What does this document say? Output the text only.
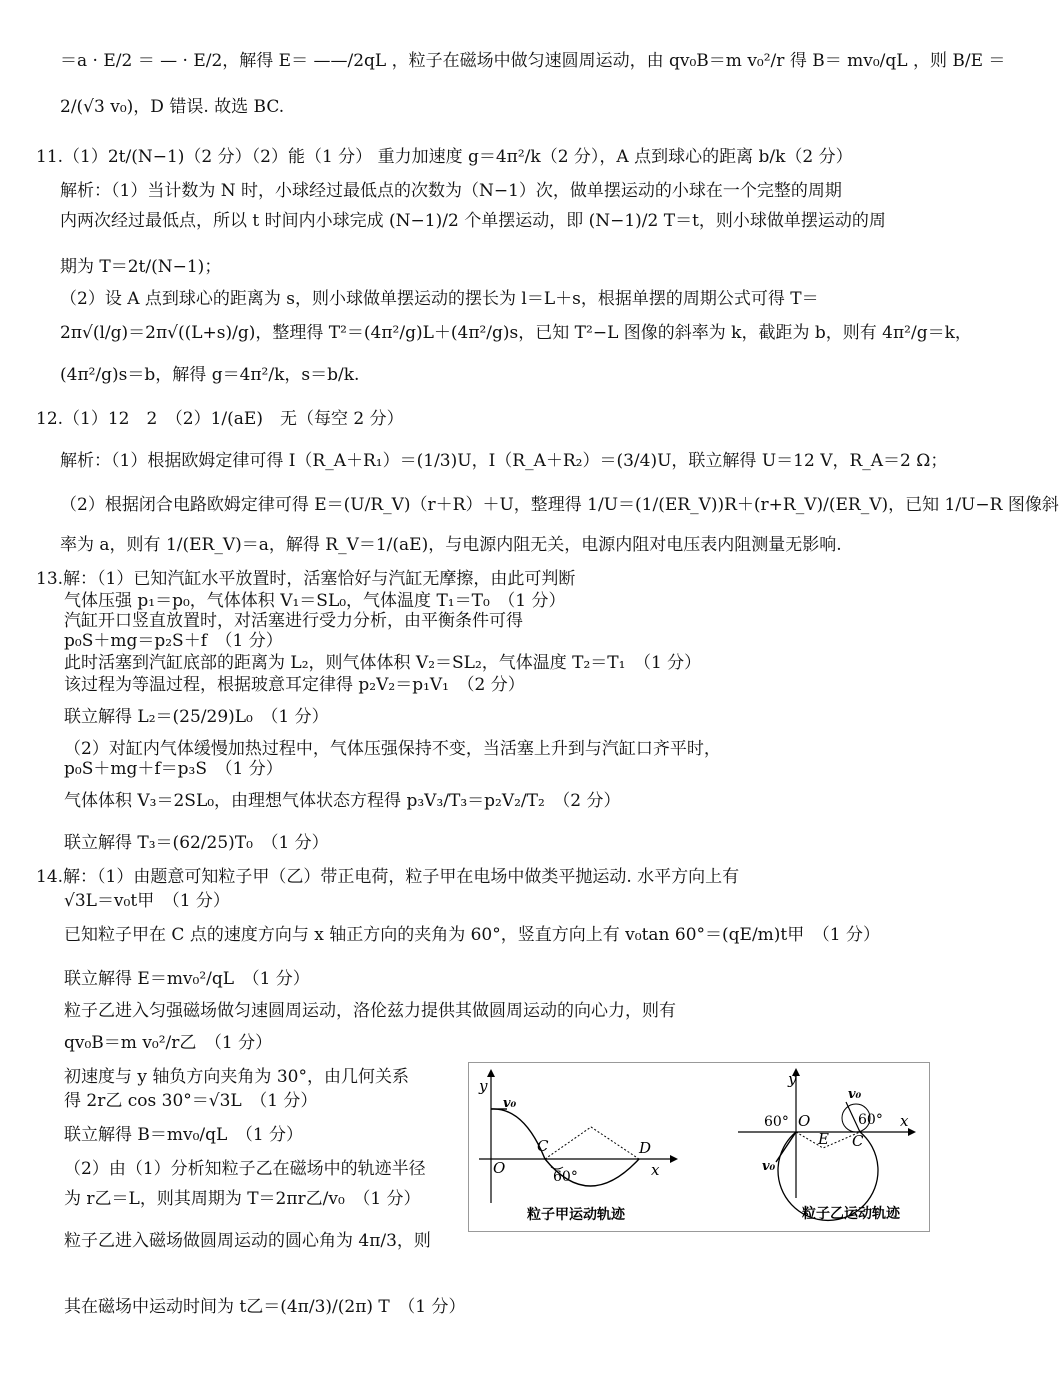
＝a · E/2 ＝ — · E/2，解得 E＝ ——/2qL ，粒子在磁场中做匀速圆周运动，由 qv₀B＝m v₀²/r 得 B＝ mv₀/qL ，则 B/E ＝
2/(√3 v₀)，D 错误. 故选 BC.
11.（1）2t/(N−1)（2 分）（2）能（1 分） 重力加速度 g＝4π²/k（2 分），A 点到球心的距离 b/k（2 分）
解析：（1）当计数为 N 时，小球经过最低点的次数为（N−1）次，做单摆运动的小球在一个完整的周期
内两次经过最低点，所以 t 时间内小球完成 (N−1)/2 个单摆运动，即 (N−1)/2 T＝t，则小球做单摆运动的周
期为 T＝2t/(N−1)；
（2）设 A 点到球心的距离为 s，则小球做单摆运动的摆长为 l＝L＋s，根据单摆的周期公式可得 T＝
2π√(l/g)＝2π√((L+s)/g)，整理得 T²＝(4π²/g)L＋(4π²/g)s，已知 T²−L 图像的斜率为 k，截距为 b，则有 4π²/g＝k，
(4π²/g)s＝b，解得 g＝4π²/k，s＝b/k.
12.（1）12　2　（2）1/(aE)　无（每空 2 分）
解析：（1）根据欧姆定律可得 I（R_A＋R₁）＝(1/3)U，I（R_A＋R₂）＝(3/4)U，联立解得 U＝12 V，R_A＝2 Ω；
（2）根据闭合电路欧姆定律可得 E＝(U/R_V)（r＋R）＋U，整理得 1/U＝(1/(ER_V))R＋(r+R_V)/(ER_V)，已知 1/U−R 图像斜
率为 a，则有 1/(ER_V)＝a，解得 R_V＝1/(aE)，与电源内阻无关，电源内阻对电压表内阻测量无影响.
13.解：（1）已知汽缸水平放置时，活塞恰好与汽缸无摩擦，由此可判断
气体压强 p₁＝p₀，气体体积 V₁＝SL₀，气体温度 T₁＝T₀　（1 分）
汽缸开口竖直放置时，对活塞进行受力分析，由平衡条件可得
p₀S＋mg＝p₂S＋f　（1 分）
此时活塞到汽缸底部的距离为 L₂，则气体体积 V₂＝SL₂，气体温度 T₂＝T₁　（1 分）
该过程为等温过程，根据玻意耳定律得 p₂V₂＝p₁V₁　（2 分）
联立解得 L₂＝(25/29)L₀　（1 分）
（2）对缸内气体缓慢加热过程中，气体压强保持不变，当活塞上升到与汽缸口齐平时，
p₀S＋mg＋f＝p₃S　（1 分）
气体体积 V₃＝2SL₀，由理想气体状态方程得 p₃V₃/T₃＝p₂V₂/T₂　（2 分）
联立解得 T₃＝(62/25)T₀　（1 分）
14.解：（1）由题意可知粒子甲（乙）带正电荷，粒子甲在电场中做类平抛运动. 水平方向上有
√3L＝v₀t甲　（1 分）
已知粒子甲在 C 点的速度方向与 x 轴正方向的夹角为 60°，竖直方向上有 v₀tan 60°＝(qE/m)t甲　（1 分）
联立解得 E＝mv₀²/qL　（1 分）
粒子乙进入匀强磁场做匀速圆周运动，洛伦兹力提供其做圆周运动的向心力，则有
qv₀B＝m v₀²/r乙　（1 分）
初速度与 y 轴负方向夹角为 30°，由几何关系
得 2r乙 cos 30°＝√3L　（1 分）
联立解得 B＝mv₀/qL　（1 分）
（2）由（1）分析知粒子乙在磁场中的轨迹半径
为 r乙＝L，则其周期为 T＝2πr乙/v₀　（1 分）
粒子乙进入磁场做圆周运动的圆心角为 4π/3，则
其在磁场中运动时间为 t乙＝(4π/3)/(2π) T　（1 分）
y
v₀
C	D
O	x
60°
粒子甲运动轨迹
y
v₀
60° O	60°
E C
x
v₀
粒子乙运动轨迹
